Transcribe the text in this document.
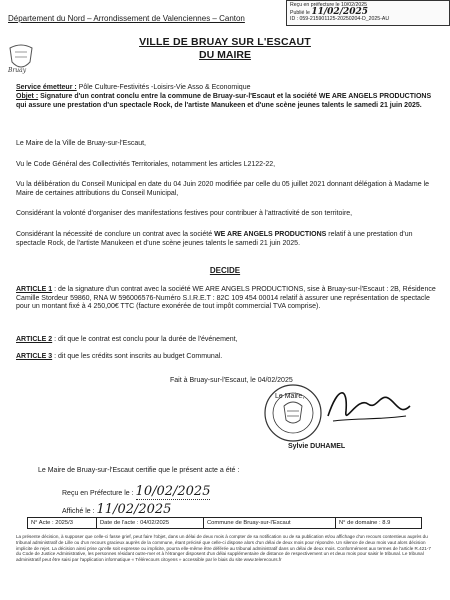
Département du Nord – Arrondissement de Valenciennes – Canton
Reçu en préfecture le 10/02/2025
Publié le 11/02/2025
ID : 059-215901125-20250204-D_2025-AU
Bruay
VILLE DE BRUAY SUR L'ESCAUT
DU MAIRE
Service émetteur : Pôle Culture-Festivités -Loisirs-Vie Asso & Economique
Objet : Signature d'un contrat conclu entre la commune de Bruay-sur-l'Escaut et la société WE ARE ANGELS PRODUCTIONS qui assure une prestation d'un spectacle Rock, de l'artiste Manukeen et d'une scène jeunes talents le samedi 21 juin 2025.
Le Maire de la Ville de Bruay-sur-l'Escaut,
Vu le Code Général des Collectivités Territoriales, notamment les articles L2122-22,
Vu la délibération du Conseil Municipal en date du 04 Juin 2020 modifiée par celle du 05 juillet 2021 donnant délégation à Madame le Maire de certaines attributions du Conseil Municipal,
Considérant la volonté d'organiser des manifestations festives pour contribuer à l'attractivité de son territoire,
Considérant la nécessité de conclure un contrat avec la société WE ARE ANGELS PRODUCTIONS relatif à une prestation d'un spectacle Rock, de l'artiste Manukeen et d'une scène jeunes talents le samedi 21 juin 2025.
DECIDE
ARTICLE 1 : de la signature d'un contrat avec la société WE ARE ANGELS PRODUCTIONS, sise à Bruay-sur-l'Escaut : 2B, Résidence Camille Stordeur 59860, RNA W 596006576-Numéro S.I.R.E.T : 82C 109 454 00014 relatif à assurer une représentation de spectacle pour un montant fixé à 4 250,00€ TTC (facture exonérée de tout impôt commercial TVA comprise).
ARTICLE 2 : dit que le contrat est conclu pour la durée de l'événement,
ARTICLE 3 : dit que les crédits sont inscrits au budget Communal.
Fait à Bruay-sur-l'Escaut, le 04/02/2025
Le Maire,
Sylvie DUHAMEL
Le Maire de Bruay-sur-l'Escaut certifie que le présent acte a été :
Reçu en Préfecture le : 10/02/2025
Affiché le : 11/02/2025
N° Acte : 2025/3	Date de l'acte : 04/02/2025	Commune de Bruay-sur-l'Escaut	N° de domaine : 8.9
La présente décision, à supposer que celle-ci fasse grief, peut faire l'objet, dans un délai de deux mois à compter de sa notification ou de sa publication et/ou affichage d'un recours contentieux auprès du tribunal administratif de Lille ou d'un recours gracieux auprès de la commune, étant précisé que celle-ci dispose alors d'un délai de deux mois pour répondre. Un silence de deux mois vaut alors décision implicite de rejet. La décision ainsi prise qu'elle soit expresse ou implicite, pourra elle-même être déférée au tribunal administratif dans un délai de deux mois. Conformément aux termes de l'article R.421-7 du Code de Justice Administrative, les personnes résidant outre-mer et à l'étranger disposent d'un délai supplémentaire de distance de respectivement un et deux mois pour saisir le tribunal. Le tribunal administratif peut être saisi par l'application informatique « Télérecours citoyens » accessible par le biais du site www.telerecours.fr
